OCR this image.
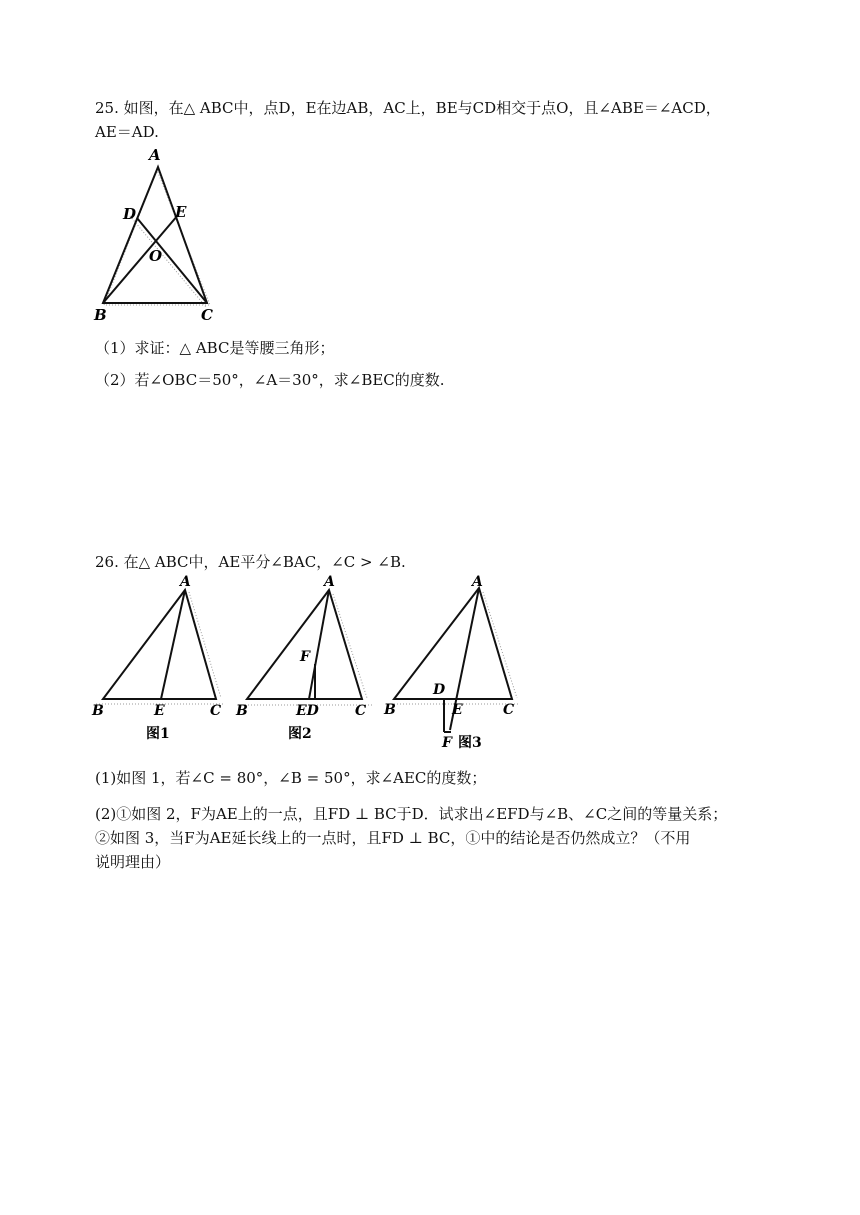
25. 如图，在△ ABC中，点D，E在边AB，AC上，BE与CD相交于点O，且∠ABE＝∠ACD，
AE＝AD.
A
D	E
O
B	C
（1）求证：△ ABC是等腰三角形；
（2）若∠OBC＝50°，∠A＝30°，求∠BEC的度数.
26. 在△ ABC中，AE平分∠BAC，∠C > ∠B.
A
B	E	C
图1
A
F
B	ED	C
图2
A
D
B	E	C
F 图3
(1)如图 1，若∠C = 80°，∠B = 50°，求∠AEC的度数；
(2)①如图 2，F为AE上的一点，且FD ⊥ BC于D．试求出∠EFD与∠B、∠C之间的等量关系；
②如图 3，当F为AE延长线上的一点时，且FD ⊥ BC，①中的结论是否仍然成立？（不用
说明理由）
